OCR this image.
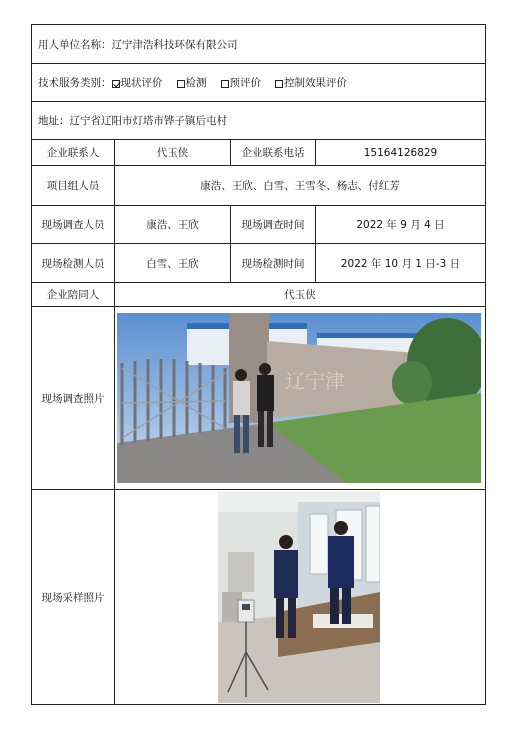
用人单位名称： 辽宁津浩科技环保有限公司
技术服务类别： 现状评价 检测 预评价 控制效果评价
地址： 辽宁省辽阳市灯塔市铧子镇后屯村
企业联系人	代玉侠	企业联系电话	15164126829
项目组人员	康浩、王欣、白雪、王雪冬、杨志、付红芳
现场调查人员	康浩、王欣	现场调查时间	2022 年 9 月 4 日
现场检测人员	白雪、王欣	现场检测时间	2022 年 10 月 1 日-3 日
企业陪同人	代玉侠
现场调查照片
辽宁津
现场采样照片
